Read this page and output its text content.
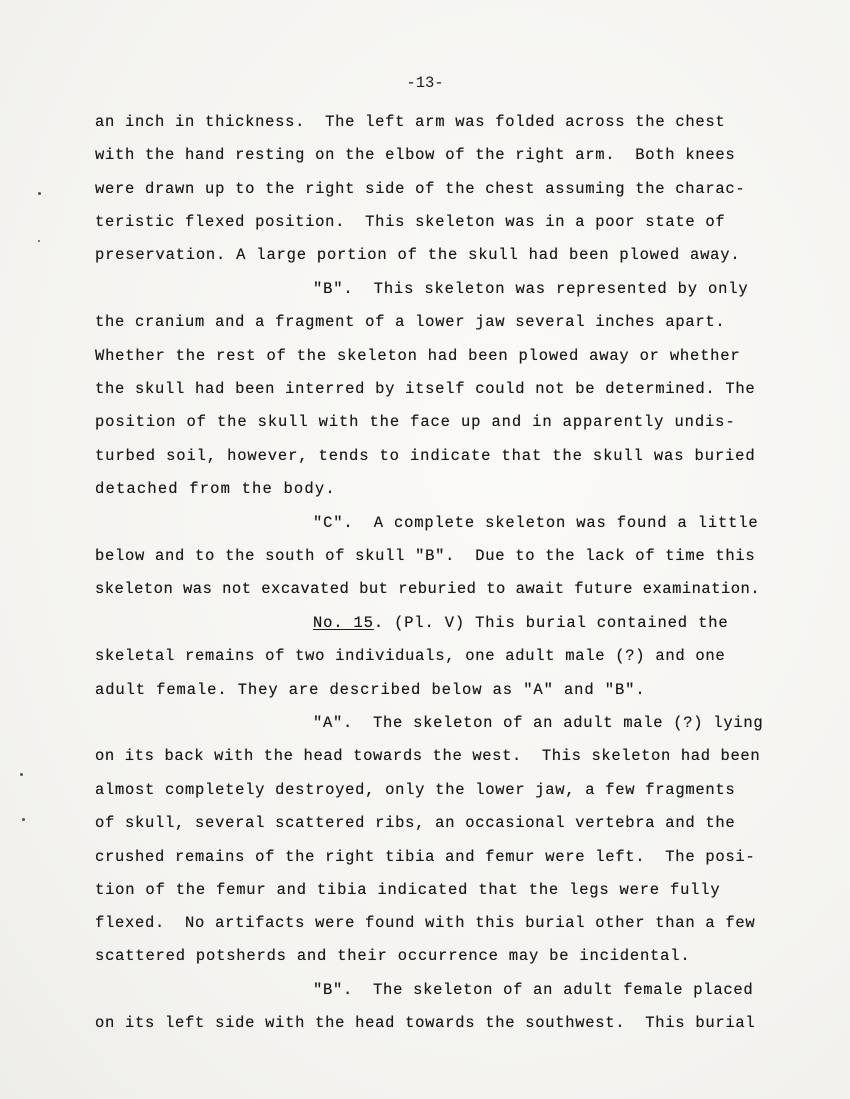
-13-
an inch in thickness.  The left arm was folded across the chest
with the hand resting on the elbow of the right arm.  Both knees
were drawn up to the right side of the chest assuming the charac-
teristic flexed position.  This skeleton was in a poor state of
preservation. A large portion of the skull had been plowed away.
"B".  This skeleton was represented by only
the cranium and a fragment of a lower jaw several inches apart.
Whether the rest of the skeleton had been plowed away or whether
the skull had been interred by itself could not be determined. The
position of the skull with the face up and in apparently undis-
turbed soil, however, tends to indicate that the skull was buried
detached from the body.
"C".  A complete skeleton was found a little
below and to the south of skull "B".  Due to the lack of time this
skeleton was not excavated but reburied to await future examination.
No. 15. (Pl. V) This burial contained the
skeletal remains of two individuals, one adult male (?) and one
adult female. They are described below as "A" and "B".
"A".  The skeleton of an adult male (?) lying
on its back with the head towards the west.  This skeleton had been
almost completely destroyed, only the lower jaw, a few fragments
of skull, several scattered ribs, an occasional vertebra and the
crushed remains of the right tibia and femur were left.  The posi-
tion of the femur and tibia indicated that the legs were fully
flexed.  No artifacts were found with this burial other than a few
scattered potsherds and their occurrence may be incidental.
"B".  The skeleton of an adult female placed
on its left side with the head towards the southwest.  This burial
